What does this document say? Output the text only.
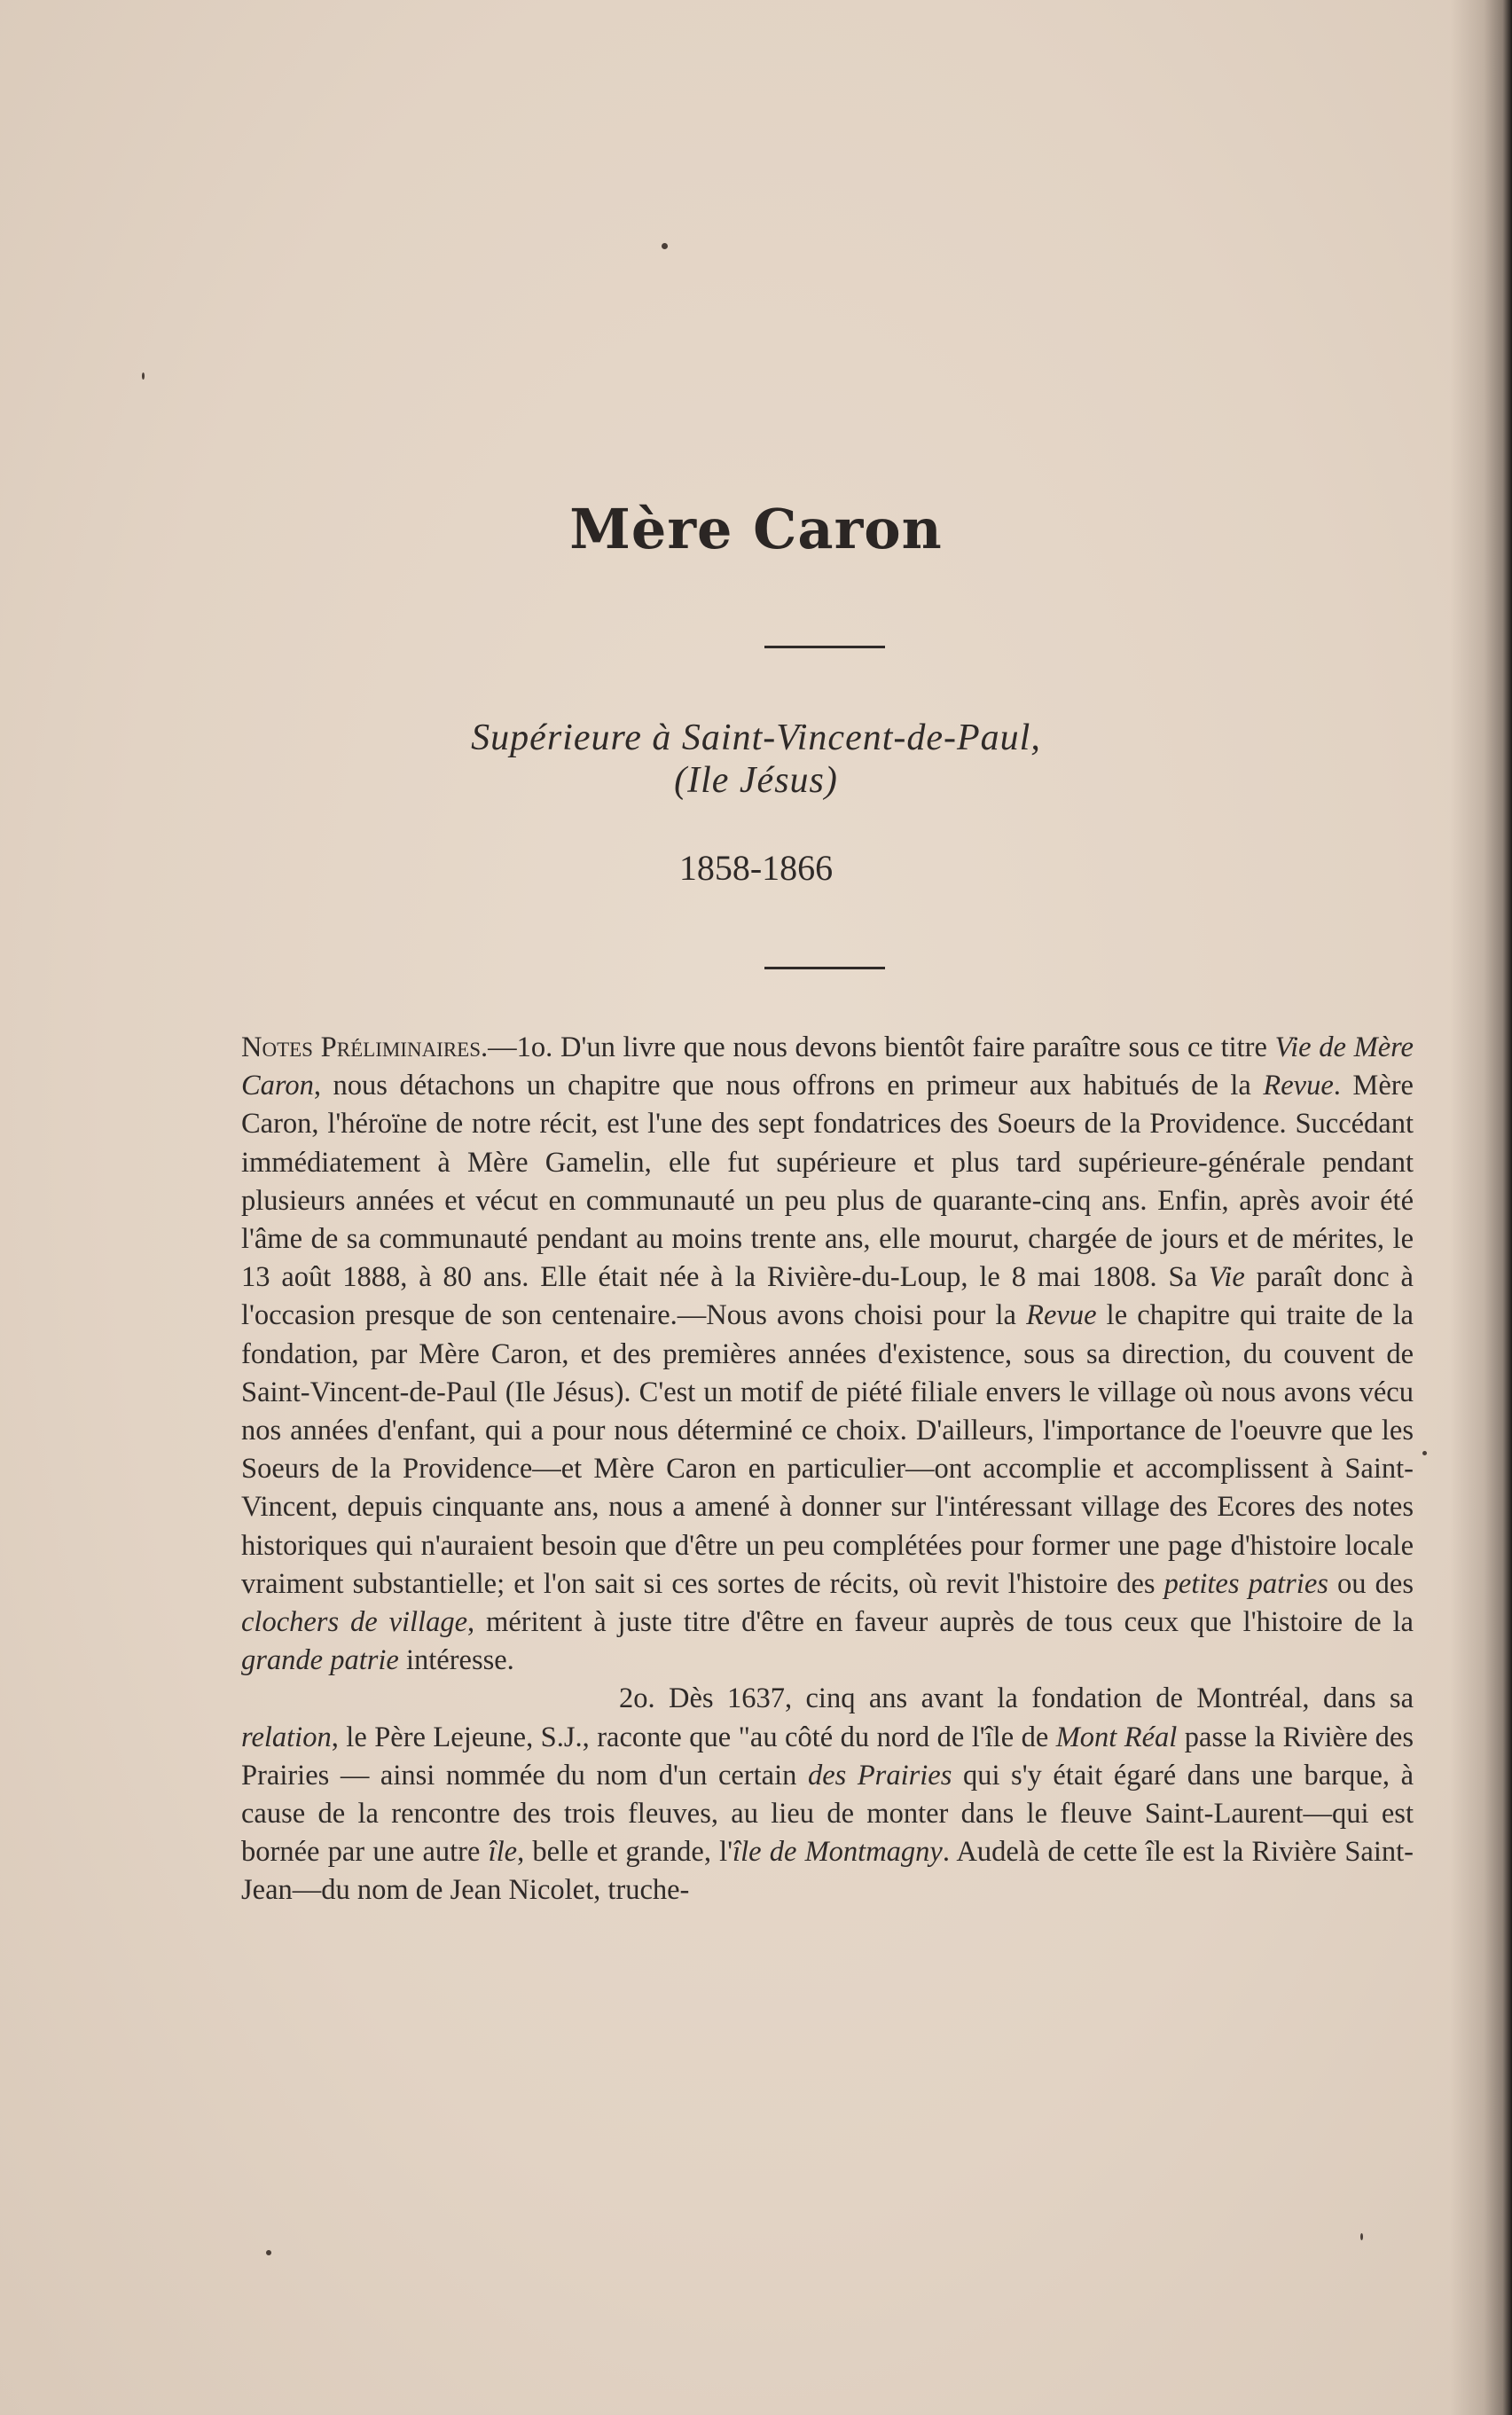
Mère Caron
Supérieure à Saint-Vincent-de-Paul,
(Ile Jésus)
1858-1866

Notes Préliminaires.—1o. D'un livre que nous devons bientôt faire paraître sous ce titre Vie de Mère Caron, nous détachons un chapitre que nous offrons en primeur aux habitués de la Revue. Mère Caron, l'héroïne de notre récit, est l'une des sept fondatrices des Soeurs de la Providence. Succédant immédiatement à Mère Gamelin, elle fut supérieure et plus tard supérieure-générale pendant plusieurs années et vécut en communauté un peu plus de quarante-cinq ans. Enfin, après avoir été l'âme de sa communauté pendant au moins trente ans, elle mourut, chargée de jours et de mérites, le 13 août 1888, à 80 ans. Elle était née à la Rivière-du-Loup, le 8 mai 1808. Sa Vie paraît donc à l'occasion presque de son centenaire.—Nous avons choisi pour la Revue le chapitre qui traite de la fondation, par Mère Caron, et des premières années d'existence, sous sa direction, du couvent de Saint-Vincent-de-Paul (Ile Jésus). C'est un motif de piété filiale envers le village où nous avons vécu nos années d'enfant, qui a pour nous déterminé ce choix. D'ailleurs, l'importance de l'oeuvre que les Soeurs de la Providence—et Mère Caron en particulier—ont accomplie et accomplissent à Saint-Vincent, depuis cinquante ans, nous a amené à donner sur l'intéressant village des Ecores des notes historiques qui n'auraient besoin que d'être un peu complétées pour former une page d'histoire locale vraiment substantielle; et l'on sait si ces sortes de récits, où revit l'histoire des petites patries ou des clochers de village, méritent à juste titre d'être en faveur auprès de tous ceux que l'histoire de la grande patrie intéresse.

2o. Dès 1637, cinq ans avant la fondation de Montréal, dans sa relation, le Père Lejeune, S.J., raconte que "au côté du nord de l'île de Mont Réal passe la Rivière des Prairies — ainsi nommée du nom d'un certain des Prairies qui s'y était égaré dans une barque, à cause de la rencontre des trois fleuves, au lieu de monter dans le fleuve Saint-Laurent—qui est bornée par une autre île, belle et grande, l'île de Montmagny. Audelà de cette île est la Rivière Saint-Jean—du nom de Jean Nicolet, truche-
